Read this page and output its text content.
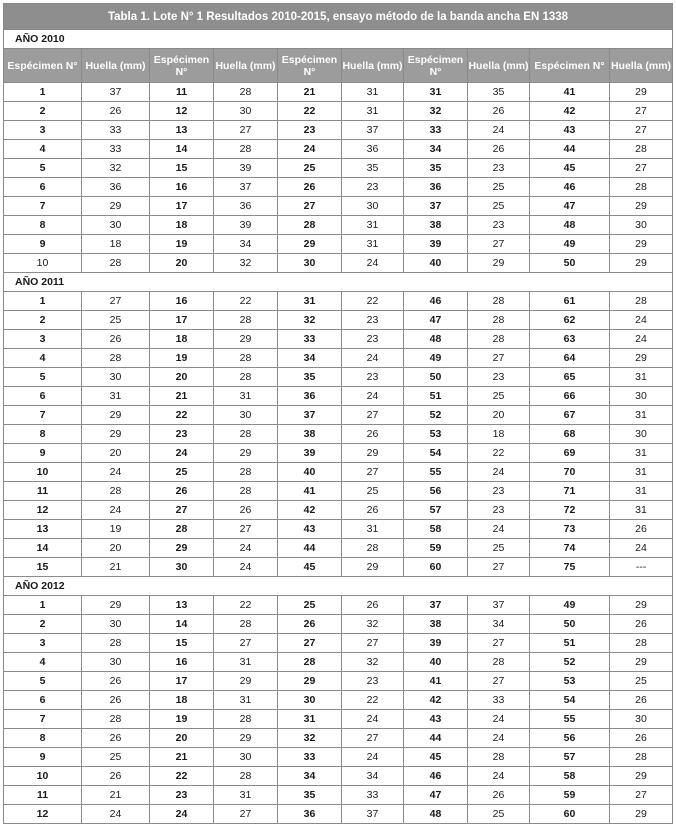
Tabla 1. Lote N° 1 Resultados 2010-2015, ensayo método de la banda ancha EN 1338									
AÑO 2010									
Espécimen N°	Huella (mm)	Espécimen N°	Huella (mm)	Espécimen N°	Huella (mm)	Espécimen N°	Huella (mm)	Espécimen N°	Huella (mm)
1	37	11	28	21	31	31	35	41	29
2	26	12	30	22	31	32	26	42	27
3	33	13	27	23	37	33	24	43	27
4	33	14	28	24	36	34	26	44	28
5	32	15	39	25	35	35	23	45	27
6	36	16	37	26	23	36	25	46	28
7	29	17	36	27	30	37	25	47	29
8	30	18	39	28	31	38	23	48	30
9	18	19	34	29	31	39	27	49	29
10	28	20	32	30	24	40	29	50	29
AÑO 2011									
1	27	16	22	31	22	46	28	61	28
2	25	17	28	32	23	47	28	62	24
3	26	18	29	33	23	48	28	63	24
4	28	19	28	34	24	49	27	64	29
5	30	20	28	35	23	50	23	65	31
6	31	21	31	36	24	51	25	66	30
7	29	22	30	37	27	52	20	67	31
8	29	23	28	38	26	53	18	68	30
9	20	24	29	39	29	54	22	69	31
10	24	25	28	40	27	55	24	70	31
11	28	26	28	41	25	56	23	71	31
12	24	27	26	42	26	57	23	72	31
13	19	28	27	43	31	58	24	73	26
14	20	29	24	44	28	59	25	74	24
15	21	30	24	45	29	60	27	75	---
AÑO 2012									
1	29	13	22	25	26	37	37	49	29
2	30	14	28	26	32	38	34	50	26
3	28	15	27	27	27	39	27	51	28
4	30	16	31	28	32	40	28	52	29
5	26	17	29	29	23	41	27	53	25
6	26	18	31	30	22	42	33	54	26
7	28	19	28	31	24	43	24	55	30
8	26	20	29	32	27	44	24	56	26
9	25	21	30	33	24	45	28	57	28
10	26	22	28	34	34	46	24	58	29
11	21	23	31	35	33	47	26	59	27
12	24	24	27	36	37	48	25	60	29
